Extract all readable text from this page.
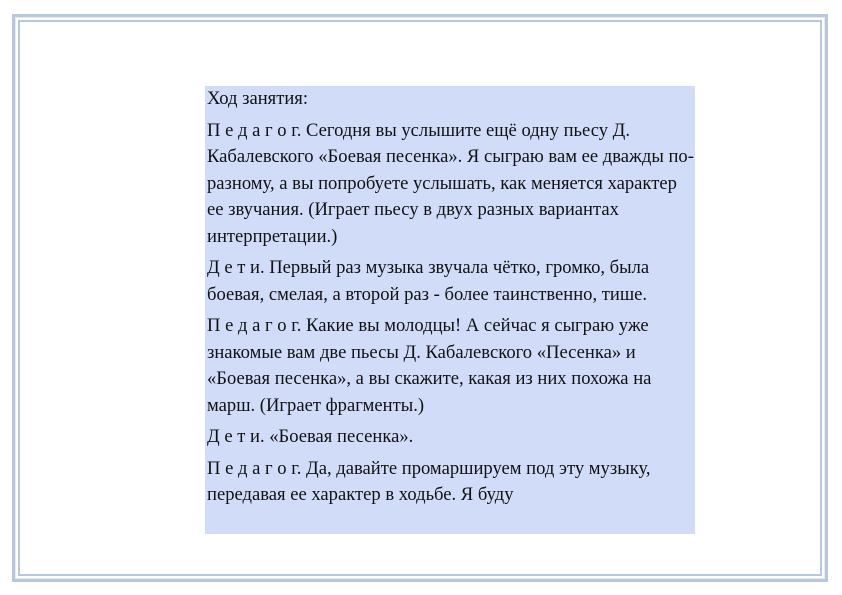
Ход занятия:

П е д а г о г. Сегодня вы услышите ещё одну пьесу Д. Кабалевского «Боевая песенка». Я сыграю вам ее дважды по-разному, а вы попробуете услышать, как меняется характер ее звучания. (Играет пьесу в двух разных вариантах интерпретации.)

Д е т и. Первый раз музыка звучала чётко, громко, была боевая, смелая, а второй раз - более таинственно, тише.

П е д а г о г. Какие вы молодцы! А сейчас я сыграю уже знакомые вам две пьесы Д. Кабалевского «Песенка» и «Боевая песенка», а вы скажите, какая из них похожа на марш. (Играет фрагменты.)

Д е т и. «Боевая песенка».

П е д а г о г. Да, давайте промаршируем под эту музыку, передавая ее характер в ходьбе. Я буду
